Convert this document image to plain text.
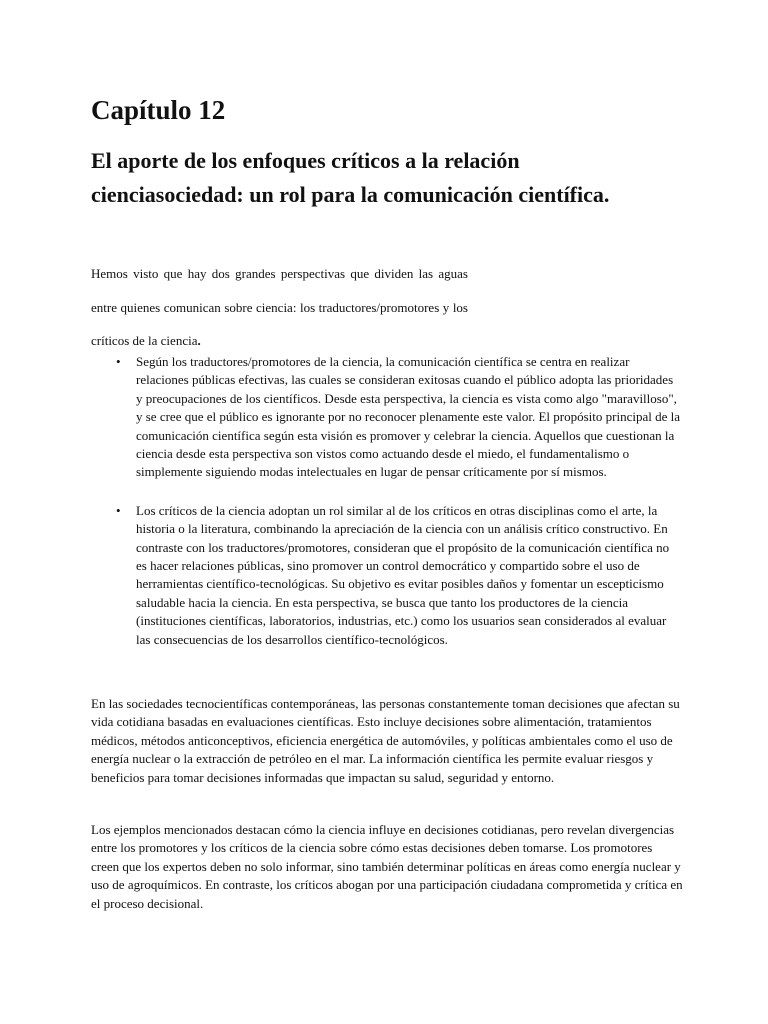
Capítulo 12
El aporte de los enfoques críticos a la relación cienciasociedad: un rol para la comunicación científica.

Hemos visto que hay dos grandes perspectivas que dividen las aguas entre quienes comunican sobre ciencia: los traductores/promotores y los críticos de la ciencia.

• Según los traductores/promotores de la ciencia, la comunicación científica se centra en realizar relaciones públicas efectivas, las cuales se consideran exitosas cuando el público adopta las prioridades y preocupaciones de los científicos. Desde esta perspectiva, la ciencia es vista como algo "maravilloso", y se cree que el público es ignorante por no reconocer plenamente este valor. El propósito principal de la comunicación científica según esta visión es promover y celebrar la ciencia. Aquellos que cuestionan la ciencia desde esta perspectiva son vistos como actuando desde el miedo, el fundamentalismo o simplemente siguiendo modas intelectuales en lugar de pensar críticamente por sí mismos.
• Los críticos de la ciencia adoptan un rol similar al de los críticos en otras disciplinas como el arte, la historia o la literatura, combinando la apreciación de la ciencia con un análisis crítico constructivo. En contraste con los traductores/promotores, consideran que el propósito de la comunicación científica no es hacer relaciones públicas, sino promover un control democrático y compartido sobre el uso de herramientas científico-tecnológicas. Su objetivo es evitar posibles daños y fomentar un escepticismo saludable hacia la ciencia. En esta perspectiva, se busca que tanto los productores de la ciencia (instituciones científicas, laboratorios, industrias, etc.) como los usuarios sean considerados al evaluar las consecuencias de los desarrollos científico-tecnológicos.

En las sociedades tecnocientíficas contemporáneas, las personas constantemente toman decisiones que afectan su vida cotidiana basadas en evaluaciones científicas. Esto incluye decisiones sobre alimentación, tratamientos médicos, métodos anticonceptivos, eficiencia energética de automóviles, y políticas ambientales como el uso de energía nuclear o la extracción de petróleo en el mar. La información científica les permite evaluar riesgos y beneficios para tomar decisiones informadas que impactan su salud, seguridad y entorno.

Los ejemplos mencionados destacan cómo la ciencia influye en decisiones cotidianas, pero revelan divergencias entre los promotores y los críticos de la ciencia sobre cómo estas decisiones deben tomarse. Los promotores creen que los expertos deben no solo informar, sino también determinar políticas en áreas como energía nuclear y uso de agroquímicos. En contraste, los críticos abogan por una participación ciudadana comprometida y crítica en el proceso decisional.
